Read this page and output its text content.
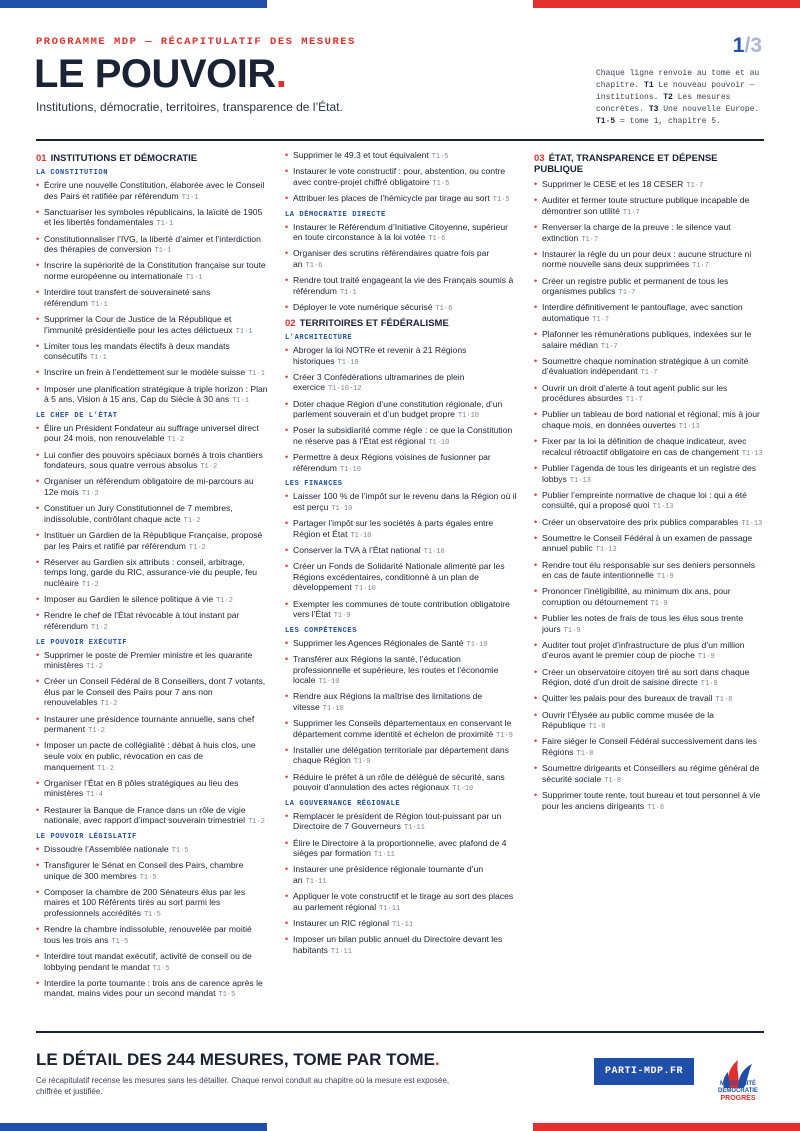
PROGRAMME MDP — RÉCAPITULATIF DES MESURES
LE POUVOIR.
Institutions, démocratie, territoires, transparence de l’État.
1/3
Chaque ligne renvoie au tome et au chapitre. T1 Le nouveau pouvoir — institutions. T2 Les mesures concrètes. T3 Une nouvelle Europe. T1·5 = tome 1, chapitre 5.
01 INSTITUTIONS ET DÉMOCRATIE
LA CONSTITUTION
• Écrire une nouvelle Constitution, élaborée avec le Conseil des Pairs et ratifiée par référendum T1·1
• Sanctuariser les symboles républicains, la laïcité de 1905 et les libertés fondamentales T1·1
• Constitutionnaliser l’IVG, la liberté d’aimer et l’interdiction des thérapies de conversion T1·1
• Inscrire la supériorité de la Constitution française sur toute norme européenne ou internationale T1·1
• Interdire tout transfert de souveraineté sans référendum T1·1
• Supprimer la Cour de Justice de la République et l’immunité présidentielle pour les actes délictueux T1·1
• Limiter tous les mandats électifs à deux mandats consécutifs T1·1
• Inscrire un frein à l’endettement sur le modèle suisse T1·1
• Imposer une planification stratégique à triple horizon : Plan à 5 ans, Vision à 15 ans, Cap du Siècle à 30 ans T1·1
LE CHEF DE L’ÉTAT
• Élire un Président Fondateur au suffrage universel direct pour 24 mois, non renouvelable T1·2
• Lui confier des pouvoirs spéciaux bornés à trois chantiers fondateurs, sous quatre verrous absolus T1·2
• Organiser un référendum obligatoire de mi-parcours au 12e mois T1·2
• Constituer un Jury Constitutionnel de 7 membres, indissoluble, contrôlant chaque acte T1·2
• Instituer un Gardien de la République Française, proposé par les Pairs et ratifié par référendum T1·2
• Réserver au Gardien six attributs : conseil, arbitrage, temps long, garde du RIC, assurance-vie du peuple, feu nucléaire T1·2
• Imposer au Gardien le silence politique à vie T1·2
• Rendre le chef de l’État révocable à tout instant par référendum T1·2
LE POUVOIR EXÉCUTIF
• Supprimer le poste de Premier ministre et les quarante ministères T1·2
• Créer un Conseil Fédéral de 8 Conseillers, dont 7 votants, élus par le Conseil des Pairs pour 7 ans non renouvelables T1·2
• Instaurer une présidence tournante annuelle, sans chef permanent T1·2
• Imposer un pacte de collégialité : débat à huis clos, une seule voix en public, révocation en cas de manquement T1·2
• Organiser l’État en 8 pôles stratégiques au lieu des ministères T1·4
• Restaurer la Banque de France dans un rôle de vigie nationale, avec rapport d’impact souverain trimestriel T1·2
LE POUVOIR LÉGISLATIF
• Dissoudre l’Assemblée nationale T1·5
• Transfigurer le Sénat en Conseil des Pairs, chambre unique de 300 membres T1·5
• Composer la chambre de 200 Sénateurs élus par les maires et 100 Référents tirés au sort parmi les professionnels accrédités T1·5
• Rendre la chambre indissoluble, renouvelée par moitié tous les trois ans T1·5
• Interdire tout mandat exécutif, activité de conseil ou de lobbying pendant le mandat T1·5
• Interdire la porte tournante : trois ans de carence après le mandat, mains vides pour un second mandat T1·5
• Supprimer le 49.3 et tout équivalent T1·5
• Instaurer le vote constructif : pour, abstention, ou contre avec contre-projet chiffré obligatoire T1·5
• Attribuer les places de l’hémicycle par tirage au sort T1·5
LA DÉMOCRATIE DIRECTE
• Instaurer le Référendum d’Initiative Citoyenne, supérieur en toute circonstance à la loi votée T1·6
• Organiser des scrutins référendaires quatre fois par an T1·6
• Rendre tout traité engageant la vie des Français soumis à référendum T1·1
• Déployer le vote numérique sécurisé T1·6
02 TERRITOIRES ET FÉDÉRALISME
L’ARCHITECTURE
• Abroger la loi NOTRe et revenir à 21 Régions historiques T1·10
• Créer 3 Confédérations ultramarines de plein exercice T1·10-12
• Doter chaque Région d’une constitution régionale, d’un parlement souverain et d’un budget propre T1·10
• Poser la subsidiarité comme règle : ce que la Constitution ne réserve pas à l’État est régional T1·10
• Permettre à deux Régions voisines de fusionner par référendum T1·10
LES FINANCES
• Laisser 100 % de l’impôt sur le revenu dans la Région où il est perçu T1·10
• Partager l’impôt sur les sociétés à parts égales entre Région et État T1·10
• Conserver la TVA à l’État national T1·10
• Créer un Fonds de Solidarité Nationale alimenté par les Régions excédentaires, conditionné à un plan de développement T1·10
• Exempter les communes de toute contribution obligatoire vers l’État T1·9
LES COMPÉTENCES
• Supprimer les Agences Régionales de Santé T1·10
• Transférer aux Régions la santé, l’éducation professionnelle et supérieure, les routes et l’économie locale T1·10
• Rendre aux Régions la maîtrise des limitations de vitesse T1·10
• Supprimer les Conseils départementaux en conservant le département comme identité et échelon de proximité T1·9
• Installer une délégation territoriale par département dans chaque Région T1·9
• Réduire le préfet à un rôle de délégué de sécurité, sans pouvoir d’annulation des actes régionaux T1·10
LA GOUVERNANCE RÉGIONALE
• Remplacer le président de Région tout-puissant par un Directoire de 7 Gouverneurs T1·11
• Élire le Directoire à la proportionnelle, avec plafond de 4 sièges par formation T1·11
• Instaurer une présidence régionale tournante d’un an T1·11
• Appliquer le vote constructif et le tirage au sort des places au parlement régional T1·11
• Instaurer un RIC régional T1·11
• Imposer un bilan public annuel du Directoire devant les habitants T1·11
03 ÉTAT, TRANSPARENCE ET DÉPENSE PUBLIQUE
• Supprimer le CESE et les 18 CESER T1·7
• Auditer et fermer toute structure publique incapable de démontrer son utilité T1·7
• Renverser la charge de la preuve : le silence vaut extinction T1·7
• Instaurer la règle du un pour deux : aucune structure ni norme nouvelle sans deux supprimées T1·7
• Créer un registre public et permanent de tous les organismes publics T1·7
• Interdire définitivement le pantouflage, avec sanction automatique T1·7
• Plafonner les rémunérations publiques, indexées sur le salaire médian T1·7
• Soumettre chaque nomination stratégique à un comité d’évaluation indépendant T1·7
• Ouvrir un droit d’alerte à tout agent public sur les procédures absurdes T1·7
• Publier un tableau de bord national et régional, mis à jour chaque mois, en données ouvertes T1·13
• Fixer par la loi la définition de chaque indicateur, avec recalcul rétroactif obligatoire en cas de changement T1·13
• Publier l’agenda de tous les dirigeants et un registre des lobbys T1·13
• Publier l’empreinte normative de chaque loi : qui a été consulté, qui a proposé quoi T1·13
• Créer un observatoire des prix publics comparables T1·13
• Soumettre le Conseil Fédéral à un examen de passage annuel public T1·13
• Rendre tout élu responsable sur ses deniers personnels en cas de faute intentionnelle T1·9
• Prononcer l’inéligibilité, au minimum dix ans, pour corruption ou détournement T1·9
• Publier les notes de frais de tous les élus sous trente jours T1·9
• Auditer tout projet d’infrastructure de plus d’un million d’euros avant le premier coup de pioche T1·9
• Créer un observatoire citoyen tiré au sort dans chaque Région, doté d’un droit de saisine directe T1·9
• Quitter les palais pour des bureaux de travail T1·8
• Ouvrir l’Élysée au public comme musée de la République T1·8
• Faire siéger le Conseil Fédéral successivement dans les Régions T1·8
• Soumettre dirigeants et Conseillers au régime général de sécurité sociale T1·8
• Supprimer toute rente, tout bureau et tout personnel à vie pour les anciens dirigeants T1·8
LE DÉTAIL DES 244 MESURES, TOME PAR TOME.
Ce récapitulatif recense les mesures sans les détailler. Chaque renvoi conduit au chapitre où la mesure est exposée, chiffrée et justifiée.
PARTI-MDP.FR
MODERNITÉ
DÉMOCRATIE
PROGRÈS
